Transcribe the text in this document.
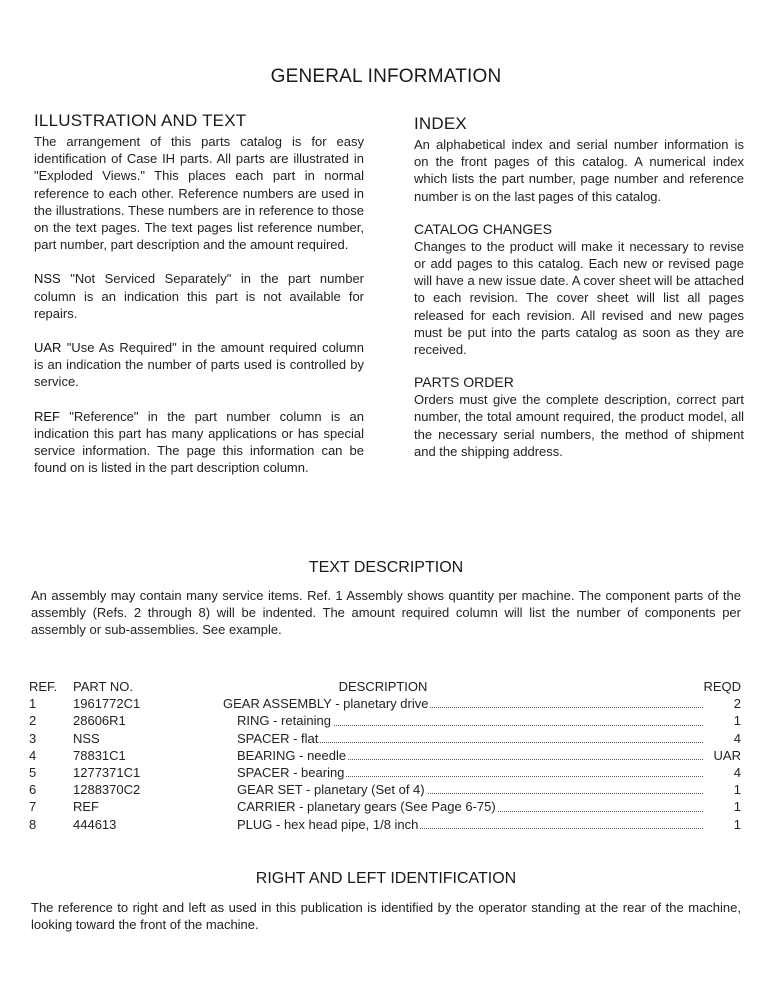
GENERAL INFORMATION
ILLUSTRATION AND TEXT

The arrangement of this parts catalog is for easy identification of Case IH parts. All parts are illustrated in "Exploded Views." This places each part in normal reference to each other. Reference numbers are used in the illustrations. These numbers are in reference to those on the text pages. The text pages list reference number, part number, part description and the amount required.

NSS "Not Serviced Separately" in the part number column is an indication this part is not available for repairs.

UAR "Use As Required" in the amount required column is an indication the number of parts used is controlled by service.

REF "Reference" in the part number column is an indication this part has many applications or has special service information. The page this information can be found on is listed in the part description column.

INDEX

An alphabetical index and serial number information is on the front pages of this catalog. A numerical index which lists the part number, page number and reference number is on the last pages of this catalog.

CATALOG CHANGES

Changes to the product will make it necessary to revise or add pages to this catalog. Each new or revised page will have a new issue date. A cover sheet will be attached to each revision. The cover sheet will list all pages released for each revision. All revised and new pages must be put into the parts catalog as soon as they are received.

PARTS ORDER

Orders must give the complete description, correct part number, the total amount required, the product model, all the necessary serial numbers, the method of shipment and the shipping address.

TEXT DESCRIPTION

An assembly may contain many service items. Ref. 1 Assembly shows quantity per machine. The component parts of the assembly (Refs. 2 through 8) will be indented. The amount required column will list the number of components per assembly or sub-assemblies. See example.

REF.	PART NO.	DESCRIPTION	REQD
1	1961772C1	GEAR ASSEMBLY - planetary drive	2
2	28606R1	RING - retaining	1
3	NSS	SPACER - flat	4
4	78831C1	BEARING - needle	UAR
5	1277371C1	SPACER - bearing	4
6	1288370C2	GEAR SET - planetary (Set of 4)	1
7	REF	CARRIER - planetary gears (See Page 6-75)	1
8	444613	PLUG - hex head pipe, 1/8 inch	1
RIGHT AND LEFT IDENTIFICATION

The reference to right and left as used in this publication is identified by the operator standing at the rear of the machine, looking toward the front of the machine.
